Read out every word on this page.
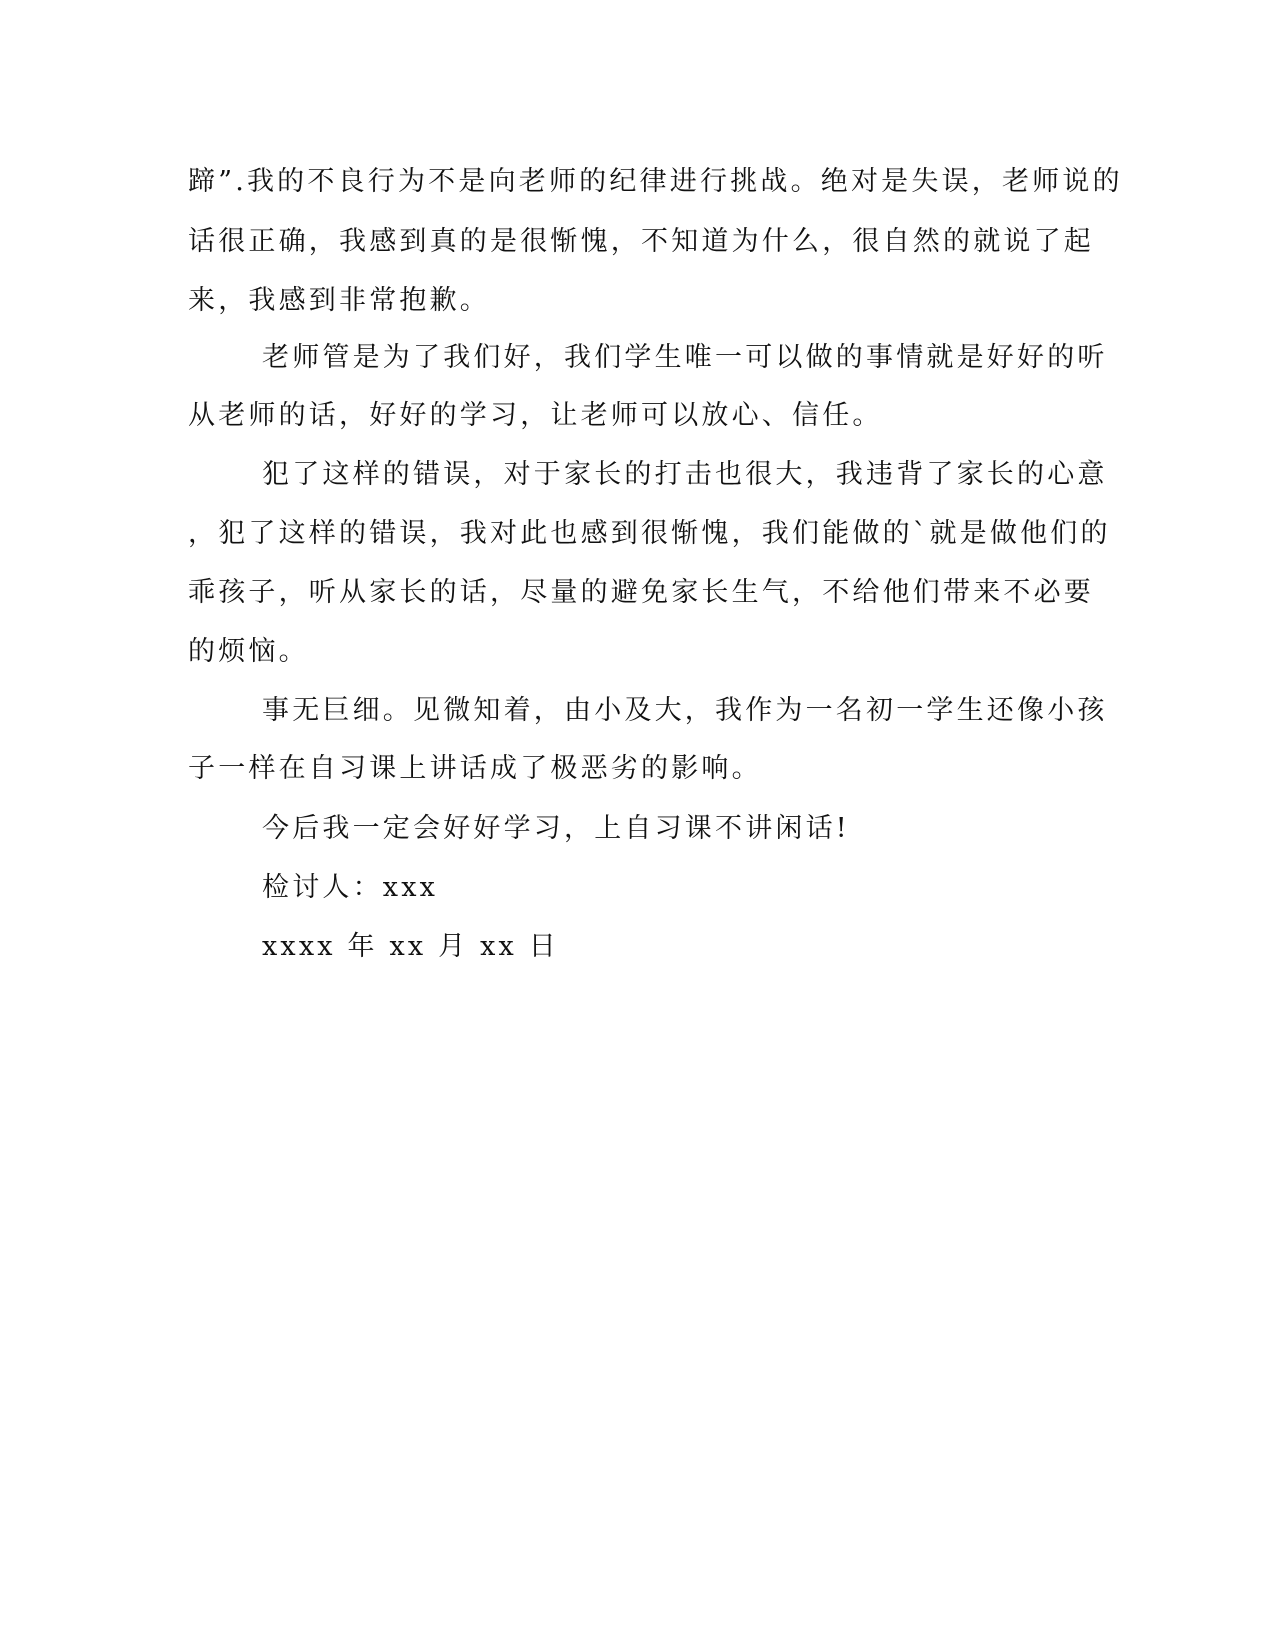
蹄”.我的不良行为不是向老师的纪律进行挑战。绝对是失误，老师说的
话很正确，我感到真的是很惭愧，不知道为什么，很自然的就说了起
来，我感到非常抱歉。
老师管是为了我们好，我们学生唯一可以做的事情就是好好的听
从老师的话，好好的学习，让老师可以放心、信任。
犯了这样的错误，对于家长的打击也很大，我违背了家长的心意
，犯了这样的错误，我对此也感到很惭愧，我们能做的`就是做他们的
乖孩子，听从家长的话，尽量的避免家长生气，不给他们带来不必要
的烦恼。
事无巨细。见微知着，由小及大，我作为一名初一学生还像小孩
子一样在自习课上讲话成了极恶劣的影响。
今后我一定会好好学习，上自习课不讲闲话!
检讨人：xxx
xxxx 年 xx 月 xx 日
